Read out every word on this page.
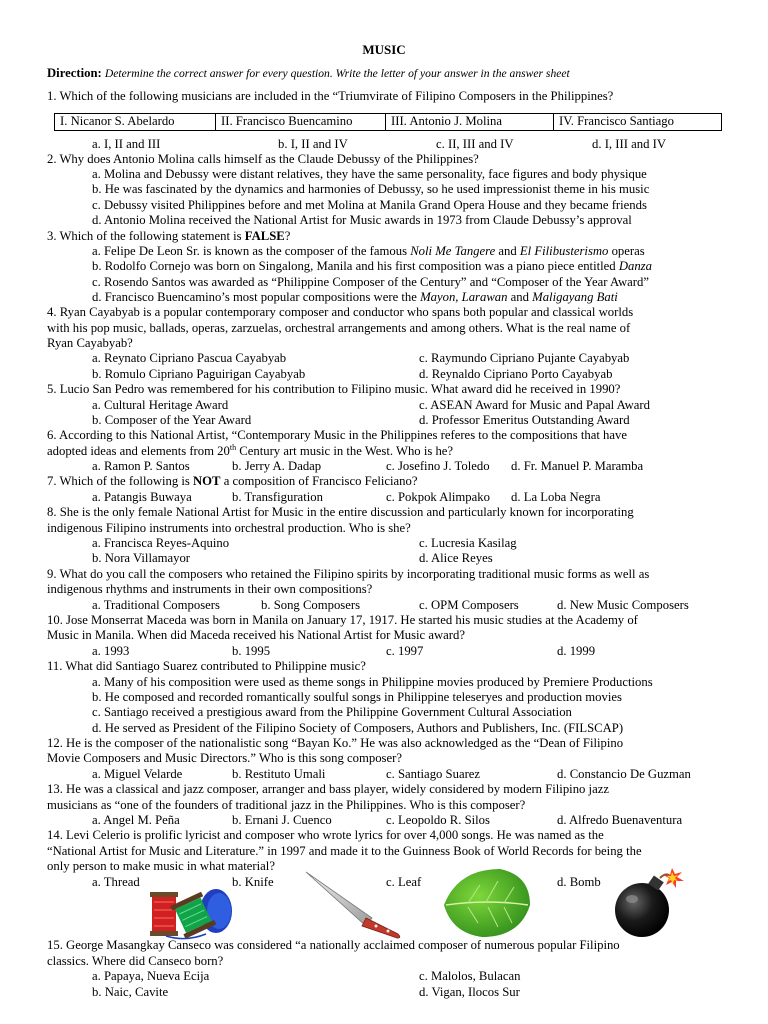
MUSIC
Direction: Determine the correct answer for every question. Write the letter of your answer in the answer sheet
1. Which of the following musicians are included in the “Triumvirate of Filipino Composers in the Philippines?
I. Nicanor S. Abelardo	II. Francisco Buencamino	III. Antonio J. Molina	IV. Francisco Santiago
a. I, II and III	b. I, II and IV	c. II, III and IV	d. I, III and IV
2. Why does Antonio Molina calls himself as the Claude Debussy of the Philippines?
a. Molina and Debussy were distant relatives, they have the same personality, face figures and body physique
b. He was fascinated by the dynamics and harmonies of Debussy, so he used impressionist theme in his music
c. Debussy visited Philippines before and met Molina at Manila Grand Opera House and they became friends
d. Antonio Molina received the National Artist for Music awards in 1973 from Claude Debussy’s approval
3. Which of the following statement is FALSE?
a. Felipe De Leon Sr. is known as the composer of the famous Noli Me Tangere and El Filibusterismo operas
b. Rodolfo Cornejo was born on Singalong, Manila and his first composition was a piano piece entitled Danza
c. Rosendo Santos was awarded as “Philippine Composer of the Century” and “Composer of the Year Award”
d. Francisco Buencamino’s most popular compositions were the Mayon, Larawan and Maligayang Bati
4. Ryan Cayabyab is a popular contemporary composer and conductor who spans both popular and classical worlds
with his pop music, ballads, operas, zarzuelas, orchestral arrangements and among others. What is the real name of
Ryan Cayabyab?
a. Reynato Cipriano Pascua Cayabyab	c. Raymundo Cipriano Pujante Cayabyab
b. Romulo Cipriano Paguirigan Cayabyab	d. Reynaldo Cipriano Porto Cayabyab
5. Lucio San Pedro was remembered for his contribution to Filipino music. What award did he received in 1990?
a. Cultural Heritage Award	c. ASEAN Award for Music and Papal Award
b. Composer of the Year Award	d. Professor Emeritus Outstanding Award
6. According to this National Artist, “Contemporary Music in the Philippines referes to the compositions that have
adopted ideas and elements from 20th Century art music in the West. Who is he?
a. Ramon P. Santos	b. Jerry A. Dadap	c. Josefino J. Toledo d. Fr. Manuel P. Maramba
7. Which of the following is NOT a composition of Francisco Feliciano?
a. Patangis Buwaya	b. Transfiguration	c. Pokpok Alimpako d. La Loba Negra
8. She is the only female National Artist for Music in the entire discussion and particularly known for incorporating
indigenous Filipino instruments into orchestral production. Who is she?
a. Francisca Reyes-Aquino	c. Lucresia Kasilag
b. Nora Villamayor	d. Alice Reyes
9. What do you call the composers who retained the Filipino spirits by incorporating traditional music forms as well as
indigenous rhythms and instruments in their own compositions?
a. Traditional Composers	b. Song Composers	c. OPM Composers	d. New Music Composers
10. Jose Monserrat Maceda was born in Manila on January 17, 1917. He started his music studies at the Academy of
Music in Manila. When did Maceda received his National Artist for Music award?
a. 1993	b. 1995	c. 1997	d. 1999
11. What did Santiago Suarez contributed to Philippine music?
a. Many of his composition were used as theme songs in Philippine movies produced by Premiere Productions
b. He composed and recorded romantically soulful songs in Philippine teleseryes and production movies
c. Santiago received a prestigious award from the Philippine Government Cultural Association
d. He served as President of the Filipino Society of Composers, Authors and Publishers, Inc. (FILSCAP)
12. He is the composer of the nationalistic song “Bayan Ko.” He was also acknowledged as the “Dean of Filipino
Movie Composers and Music Directors.” Who is this song composer?
a. Miguel Velarde	b. Restituto Umali	c. Santiago Suarez	d. Constancio De Guzman
13. He was a classical and jazz composer, arranger and bass player, widely considered by modern Filipino jazz
musicians as “one of the founders of traditional jazz in the Philippines. Who is this composer?
a. Angel M. Peña	b. Ernani J. Cuenco	c. Leopoldo R. Silos	d. Alfredo Buenaventura
14. Levi Celerio is prolific lyricist and composer who wrote lyrics for over 4,000 songs. He was named as the
“National Artist for Music and Literature.” in 1997 and made it to the Guinness Book of World Records for being the
only person to make music in what material?
a. Thread	b. Knife	c. Leaf	d. Bomb
15. George Masangkay Canseco was considered “a nationally acclaimed composer of numerous popular Filipino
classics. Where did Canseco born?
a. Papaya, Nueva Ecija	c. Malolos, Bulacan
b. Naic, Cavite	d. Vigan, Ilocos Sur
